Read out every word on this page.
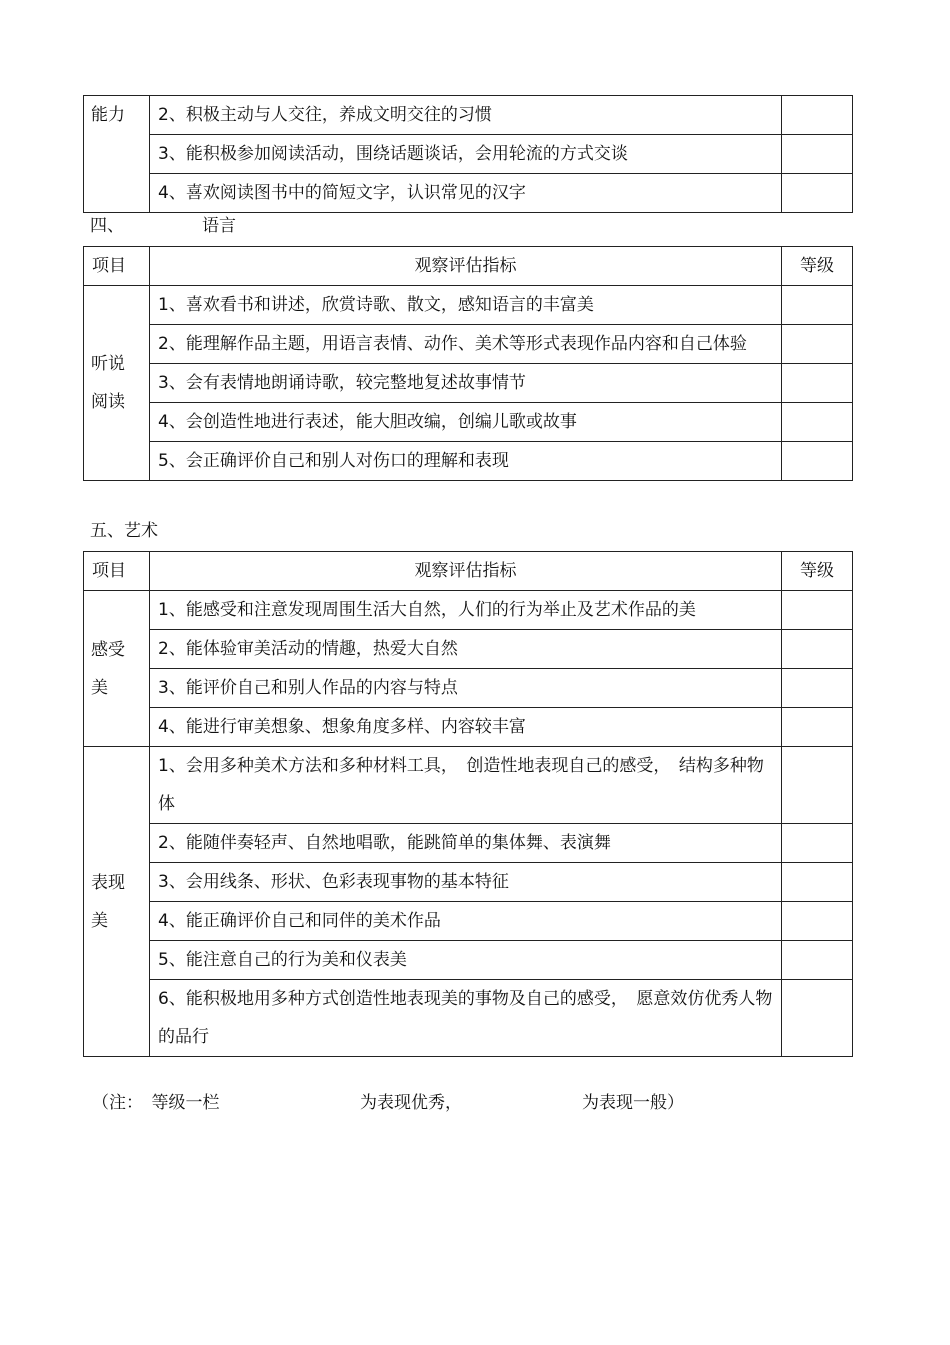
能力	2、积极主动与人交往，养成文明交往的习惯	
	3、能积极参加阅读活动，围绕话题谈话，会用轮流的方式交谈	
	4、喜欢阅读图书中的简短文字，认识常见的汉字	
四、	语言
项目	观察评估指标	等级

听说
阅读	1、喜欢看书和讲述，欣赏诗歌、散文，感知语言的丰富美	
	2、能理解作品主题，用语言表情、动作、美术等形式表现作品内容和自己体验	
	3、会有表情地朗诵诗歌，较完整地复述故事情节	
	4、会创造性地进行表述，能大胆改编，创编儿歌或故事	
	5、会正确评价自己和别人对伤口的理解和表现	
五、艺术
项目	观察评估指标	等级

感受
美	1、能感受和注意发现周围生活大自然，人们的行为举止及艺术作品的美	
	2、能体验审美活动的情趣，热爱大自然	
	3、能评价自己和别人作品的内容与特点	
	4、能进行审美想象、想象角度多样、内容较丰富	

表现
美	1、会用多种美术方法和多种材料工具，　创造性地表现自己的感受，　结构多种物体	
	2、能随伴奏轻声、自然地唱歌，能跳简单的集体舞、表演舞	
	3、会用线条、形状、色彩表现事物的基本特征	
	4、能正确评价自己和同伴的美术作品	
	5、能注意自己的行为美和仪表美	
	6、能积极地用多种方式创造性地表现美的事物及自己的感受，　愿意效仿优秀人物的品行	
（注：　等级一栏	为表现优秀，	为表现一般）
